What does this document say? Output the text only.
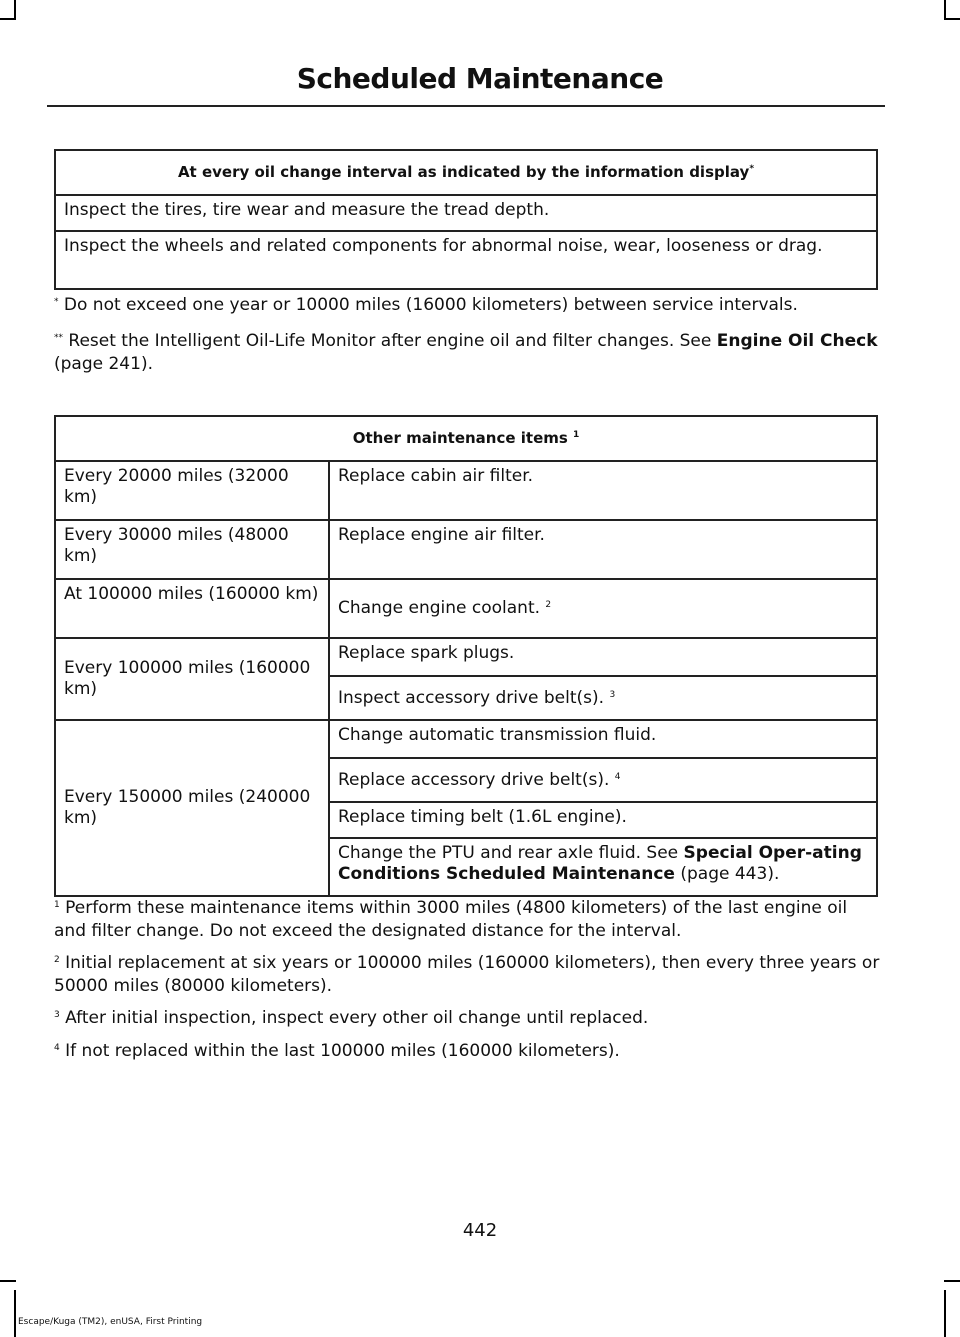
Scheduled Maintenance
At every oil change interval as indicated by the information display*
Inspect the tires, tire wear and measure the tread depth.
Inspect the wheels and related components for abnormal noise, wear, looseness or drag.
* Do not exceed one year or 10000 miles (16000 kilometers) between service intervals.
** Reset the Intelligent Oil-Life Monitor after engine oil and filter changes. See Engine Oil Check (page 241).
Other maintenance items $^1$
Every 20000 miles (32000 km)	Replace cabin air filter.
Every 30000 miles (48000 km)	Replace engine air filter.
At 100000 miles (160000 km)	Change engine coolant. $^2$
Every 100000 miles (160000 km)	Replace spark plugs.
	Inspect accessory drive belt(s). $^3$
Every 150000 miles (240000 km)	Change automatic transmission fluid.
	Replace accessory drive belt(s). $^4$
	Replace timing belt (1.6L engine).
	Change the PTU and rear axle fluid. See Special Oper-ating Conditions Scheduled Maintenance (page 443).
$^1$ Perform these maintenance items within 3000 miles (4800 kilometers) of the last engine oil and filter change. Do not exceed the designated distance for the interval.
$^2$ Initial replacement at six years or 100000 miles (160000 kilometers), then every three years or 50000 miles (80000 kilometers).
$^3$ After initial inspection, inspect every other oil change until replaced.
$^4$ If not replaced within the last 100000 miles (160000 kilometers).
442
Escape/Kuga (TM2), enUSA, First Printing
